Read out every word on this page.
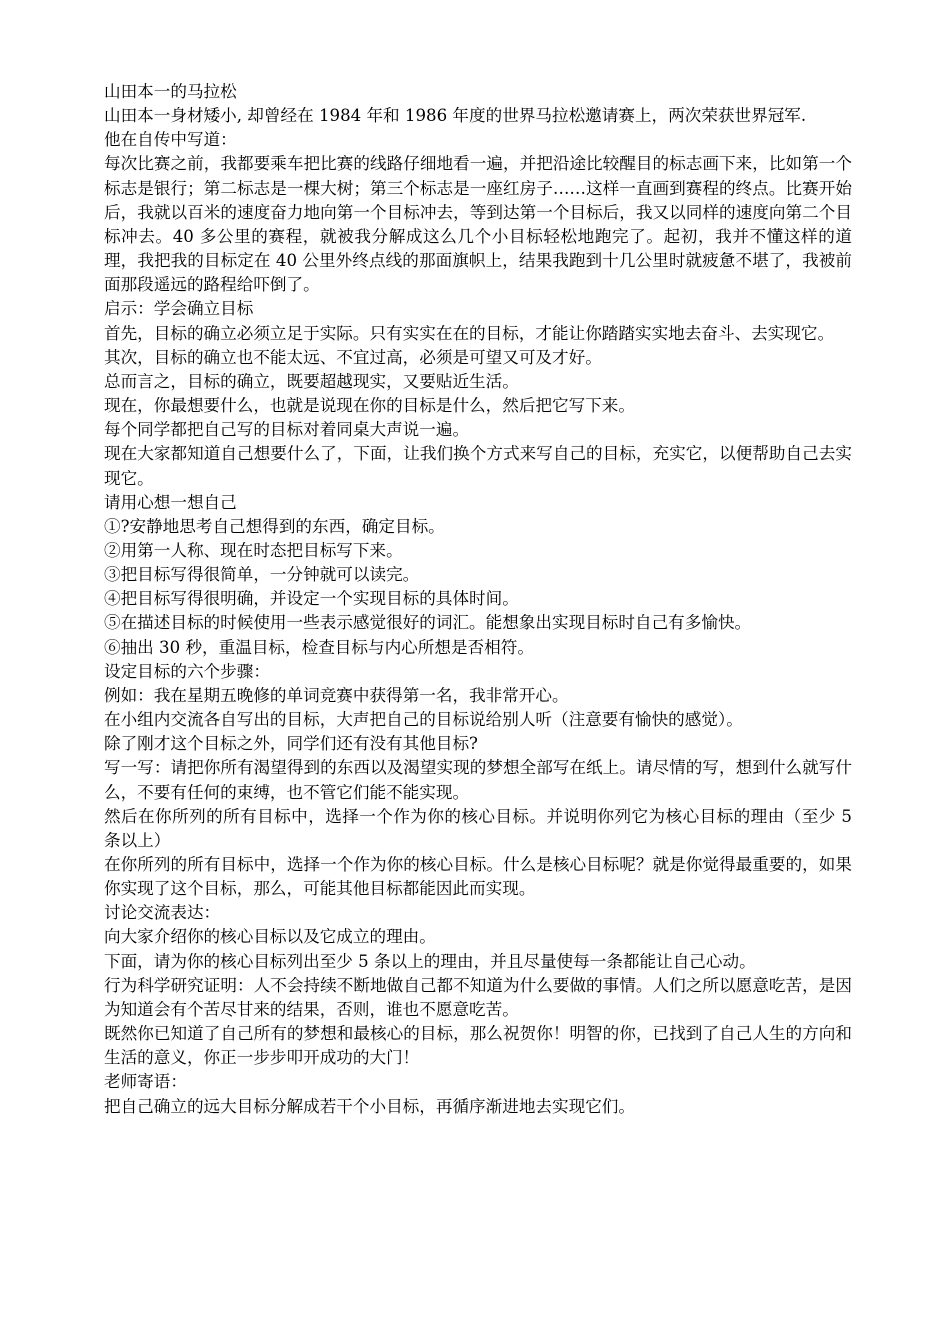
山田本一的马拉松

山田本一身材矮小, 却曾经在 1984 年和 1986 年度的世界马拉松邀请赛上，两次荣获世界冠军.

他在自传中写道：

每次比赛之前，我都要乘车把比赛的线路仔细地看一遍，并把沿途比较醒目的标志画下来，比如第一个标志是银行；第二标志是一棵大树；第三个标志是一座红房子……这样一直画到赛程的终点。比赛开始后，我就以百米的速度奋力地向第一个目标冲去，等到达第一个目标后，我又以同样的速度向第二个目标冲去。40 多公里的赛程，就被我分解成这么几个小目标轻松地跑完了。起初，我并不懂这样的道理，我把我的目标定在 40 公里外终点线的那面旗帜上，结果我跑到十几公里时就疲惫不堪了，我被前面那段遥远的路程给吓倒了。

启示：学会确立目标

首先，目标的确立必须立足于实际。只有实实在在的目标，才能让你踏踏实实地去奋斗、去实现它。

其次，目标的确立也不能太远、不宜过高，必须是可望又可及才好。

总而言之，目标的确立，既要超越现实，又要贴近生活。

现在，你最想要什么，也就是说现在你的目标是什么，然后把它写下来。

每个同学都把自己写的目标对着同桌大声说一遍。

现在大家都知道自己想要什么了，下面，让我们换个方式来写自己的目标，充实它，以便帮助自己去实现它。

请用心想一想自己

①?安静地思考自己想得到的东西，确定目标。

②用第一人称、现在时态把目标写下来。

③把目标写得很简单，一分钟就可以读完。

④把目标写得很明确，并设定一个实现目标的具体时间。

⑤在描述目标的时候使用一些表示感觉很好的词汇。能想象出实现目标时自己有多愉快。

⑥抽出 30 秒，重温目标，检查目标与内心所想是否相符。

设定目标的六个步骤：

例如：我在星期五晚修的单词竞赛中获得第一名，我非常开心。

在小组内交流各自写出的目标，大声把自己的目标说给别人听（注意要有愉快的感觉）。

除了刚才这个目标之外，同学们还有没有其他目标?

写一写：请把你所有渴望得到的东西以及渴望实现的梦想全部写在纸上。请尽情的写，想到什么就写什么，不要有任何的束缚，也不管它们能不能实现。

然后在你所列的所有目标中，选择一个作为你的核心目标。并说明你列它为核心目标的理由（至少 5 条以上）

在你所列的所有目标中，选择一个作为你的核心目标。什么是核心目标呢？就是你觉得最重要的，如果你实现了这个目标，那么，可能其他目标都能因此而实现。

讨论交流表达：

向大家介绍你的核心目标以及它成立的理由。

下面，请为你的核心目标列出至少 5 条以上的理由，并且尽量使每一条都能让自己心动。

行为科学研究证明：人不会持续不断地做自己都不知道为什么要做的事情。人们之所以愿意吃苦，是因为知道会有个苦尽甘来的结果，否则，谁也不愿意吃苦。

既然你已知道了自己所有的梦想和最核心的目标，那么祝贺你！明智的你，已找到了自己人生的方向和生活的意义，你正一步步叩开成功的大门！

老师寄语：

把自己确立的远大目标分解成若干个小目标，再循序渐进地去实现它们。
